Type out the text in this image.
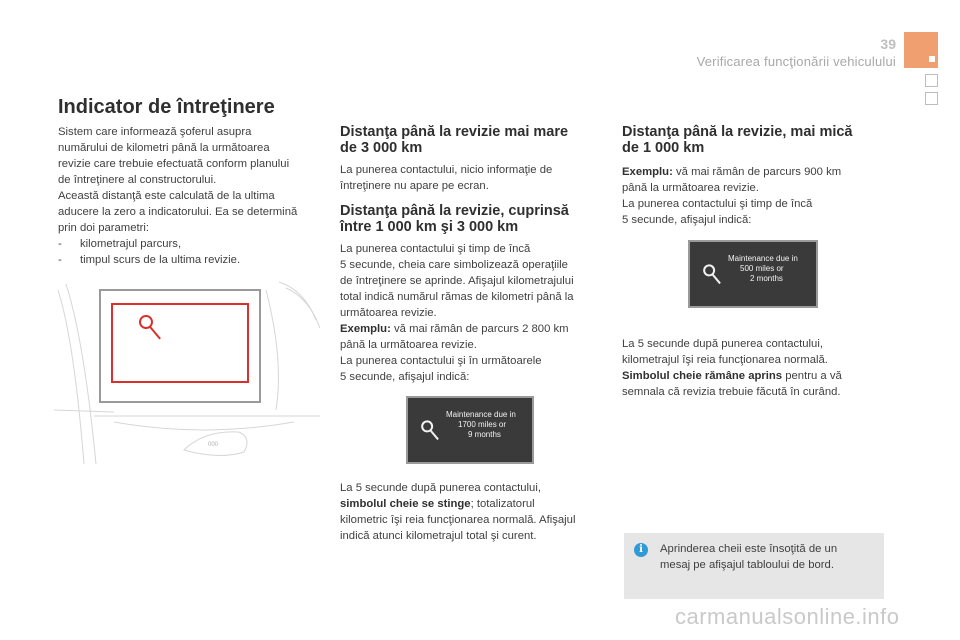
39
Verificarea funcţionării vehiculului
Indicator de întreţinere

Sistem care informează şoferul asupra

numărului de kilometri până la următoarea

revizie care trebuie efectuată conform planului

de întreţinere al constructorului.

Această distanţă este calculată de la ultima

aducere la zero a indicatorului. Ea se determină

prin doi parametri:

-	kilometrajul parcurs,
-	timpul scurs de la ultima revizie.
000
Distanţa până la revizie mai mare
de 3 000 km

La punerea contactului, nicio informaţie de

întreţinere nu apare pe ecran.

Distanţa până la revizie, cuprinsă
între 1 000 km şi 3 000 km

La punerea contactului şi timp de încă

5 secunde, cheia care simbolizează operaţiile

de întreţinere se aprinde. Afişajul kilometrajului

total indică numărul rămas de kilometri până la

următoarea revizie.

Exemplu: vă mai rămân de parcurs 2 800 km

până la următoarea revizie.

La punerea contactului şi în următoarele

5 secunde, afişajul indică:

Maintenance due in
1700 miles or
9 months

La 5 secunde după punerea contactului,

simbolul cheie se stinge; totalizatorul

kilometric îşi reia funcţionarea normală. Afişajul

indică atunci kilometrajul total şi curent.

Distanţa până la revizie, mai mică
de 1 000 km

Exemplu: vă mai rămân de parcurs 900 km

până la următoarea revizie.

La punerea contactului şi timp de încă

5 secunde, afişajul indică:

Maintenance due in
500 miles or
2 months

La 5 secunde după punerea contactului,

kilometrajul îşi reia funcţionarea normală.

Simbolul cheie rămâne aprins pentru a vă

semnala că revizia trebuie făcută în curând.

i	Aprinderea cheii este însoţită de un
mesaj pe afişajul tabloului de bord.
carmanualsonline.info
